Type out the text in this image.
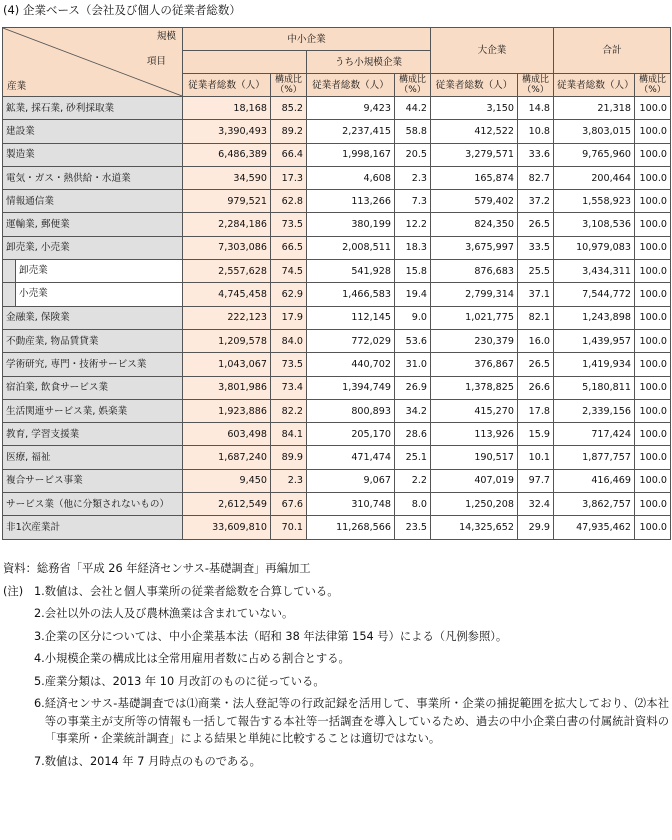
(4) 企業ベース（会社及び個人の従業者総数）
規模
項目
産業	中小企業				大企業		合計	
			うち小規模企業					
	従業者総数（人）	構成比（%）	従業者総数（人）	構成比（%）	従業者総数（人）	構成比（%）	従業者総数（人）	構成比（%）
鉱業, 採石業, 砂利採取業	18,168	85.2	9,423	44.2	3,150	14.8	21,318	100.0
建設業	3,390,493	89.2	2,237,415	58.8	412,522	10.8	3,803,015	100.0
製造業	6,486,389	66.4	1,998,167	20.5	3,279,571	33.6	9,765,960	100.0
電気・ガス・熱供給・水道業	34,590	17.3	4,608	2.3	165,874	82.7	200,464	100.0
情報通信業	979,521	62.8	113,266	7.3	579,402	37.2	1,558,923	100.0
運輸業, 郵便業	2,284,186	73.5	380,199	12.2	824,350	26.5	3,108,536	100.0
卸売業, 小売業	7,303,086	66.5	2,008,511	18.3	3,675,997	33.5	10,979,083	100.0

卸売業	2,557,628	74.5	541,928	15.8	876,683	25.5	3,434,311	100.0

小売業	4,745,458	62.9	1,466,583	19.4	2,799,314	37.1	7,544,772	100.0
金融業, 保険業	222,123	17.9	112,145	9.0	1,021,775	82.1	1,243,898	100.0
不動産業, 物品賃貸業	1,209,578	84.0	772,029	53.6	230,379	16.0	1,439,957	100.0
学術研究, 専門・技術サービス業	1,043,067	73.5	440,702	31.0	376,867	26.5	1,419,934	100.0
宿泊業, 飲食サービス業	3,801,986	73.4	1,394,749	26.9	1,378,825	26.6	5,180,811	100.0
生活関連サービス業, 娯楽業	1,923,886	82.2	800,893	34.2	415,270	17.8	2,339,156	100.0
教育, 学習支援業	603,498	84.1	205,170	28.6	113,926	15.9	717,424	100.0
医療, 福祉	1,687,240	89.9	471,474	25.1	190,517	10.1	1,877,757	100.0
複合サービス事業	9,450	2.3	9,067	2.2	407,019	97.7	416,469	100.0
サービス業（他に分類されないもの）	2,612,549	67.6	310,748	8.0	1,250,208	32.4	3,862,757	100.0
非1次産業計	33,609,810	70.1	11,268,566	23.5	14,325,652	29.9	47,935,462	100.0
資料：総務省「平成 26 年経済センサス-基礎調査」再編加工
(注) 1. 数値は、会社と個人事業所の従業者総数を合算している。
2. 会社以外の法人及び農林漁業は含まれていない。
3. 企業の区分については、中小企業基本法（昭和 38 年法律第 154 号）による（凡例参照）。
4. 小規模企業の構成比は全常用雇用者数に占める割合とする。
5. 産業分類は、2013 年 10 月改訂のものに従っている。
6. 経済センサス-基礎調査では⑴商業・法人登記等の行政記録を活用して、事業所・企業の捕捉範囲を拡大しており、⑵本社等の事業主が支所等の情報も一括して報告する本社等一括調査を導入しているため、過去の中小企業白書の付属統計資料の「事業所・企業統計調査」による結果と単純に比較することは適切ではない。
7. 数値は、2014 年 7 月時点のものである。
